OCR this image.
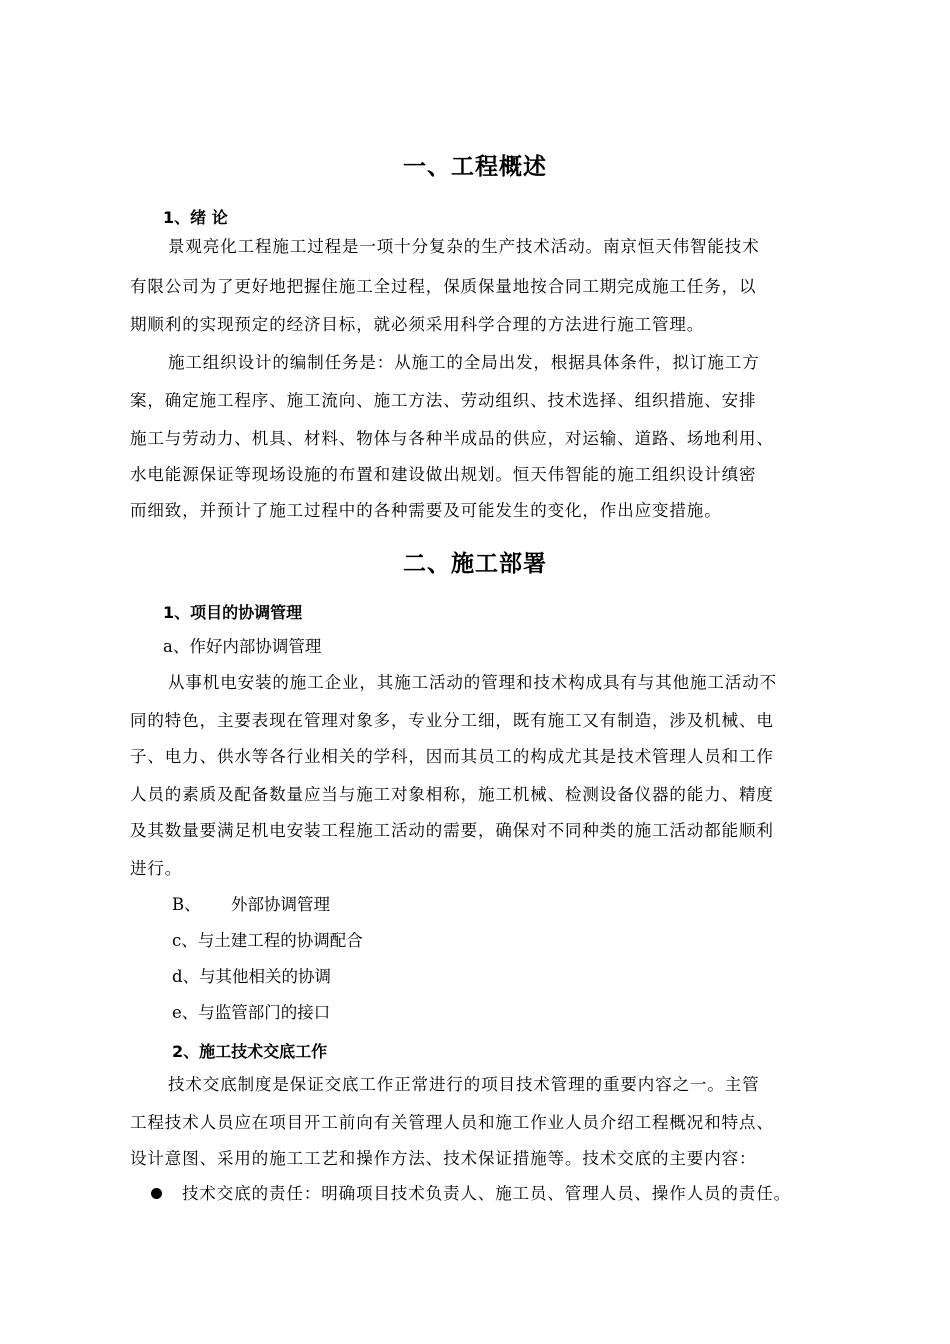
一、工程概述
1、绪 论
景观亮化工程施工过程是一项十分复杂的生产技术活动。南京恒天伟智能技术
有限公司为了更好地把握住施工全过程，保质保量地按合同工期完成施工任务，以
期顺利的实现预定的经济目标，就必须采用科学合理的方法进行施工管理。
施工组织设计的编制任务是：从施工的全局出发，根据具体条件，拟订施工方
案，确定施工程序、施工流向、施工方法、劳动组织、技术选择、组织措施、安排
施工与劳动力、机具、材料、物体与各种半成品的供应，对运输、道路、场地利用、
水电能源保证等现场设施的布置和建设做出规划。恒天伟智能的施工组织设计缜密
而细致，并预计了施工过程中的各种需要及可能发生的变化，作出应变措施。
二、施工部署
1、项目的协调管理
a、作好内部协调管理
从事机电安装的施工企业，其施工活动的管理和技术构成具有与其他施工活动不
同的特色，主要表现在管理对象多，专业分工细，既有施工又有制造，涉及机械、电
子、电力、供水等各行业相关的学科，因而其员工的构成尤其是技术管理人员和工作
人员的素质及配备数量应当与施工对象相称，施工机械、检测设备仪器的能力、精度
及其数量要满足机电安装工程施工活动的需要，确保对不同种类的施工活动都能顺利
进行。
B、 外部协调管理
c、与土建工程的协调配合
d、与其他相关的协调
e、与监管部门的接口
2、施工技术交底工作
技术交底制度是保证交底工作正常进行的项目技术管理的重要内容之一。主管
工程技术人员应在项目开工前向有关管理人员和施工作业人员介绍工程概况和特点、
设计意图、采用的施工工艺和操作方法、技术保证措施等。技术交底的主要内容：
技术交底的责任：明确项目技术负责人、施工员、管理人员、操作人员的责任。
